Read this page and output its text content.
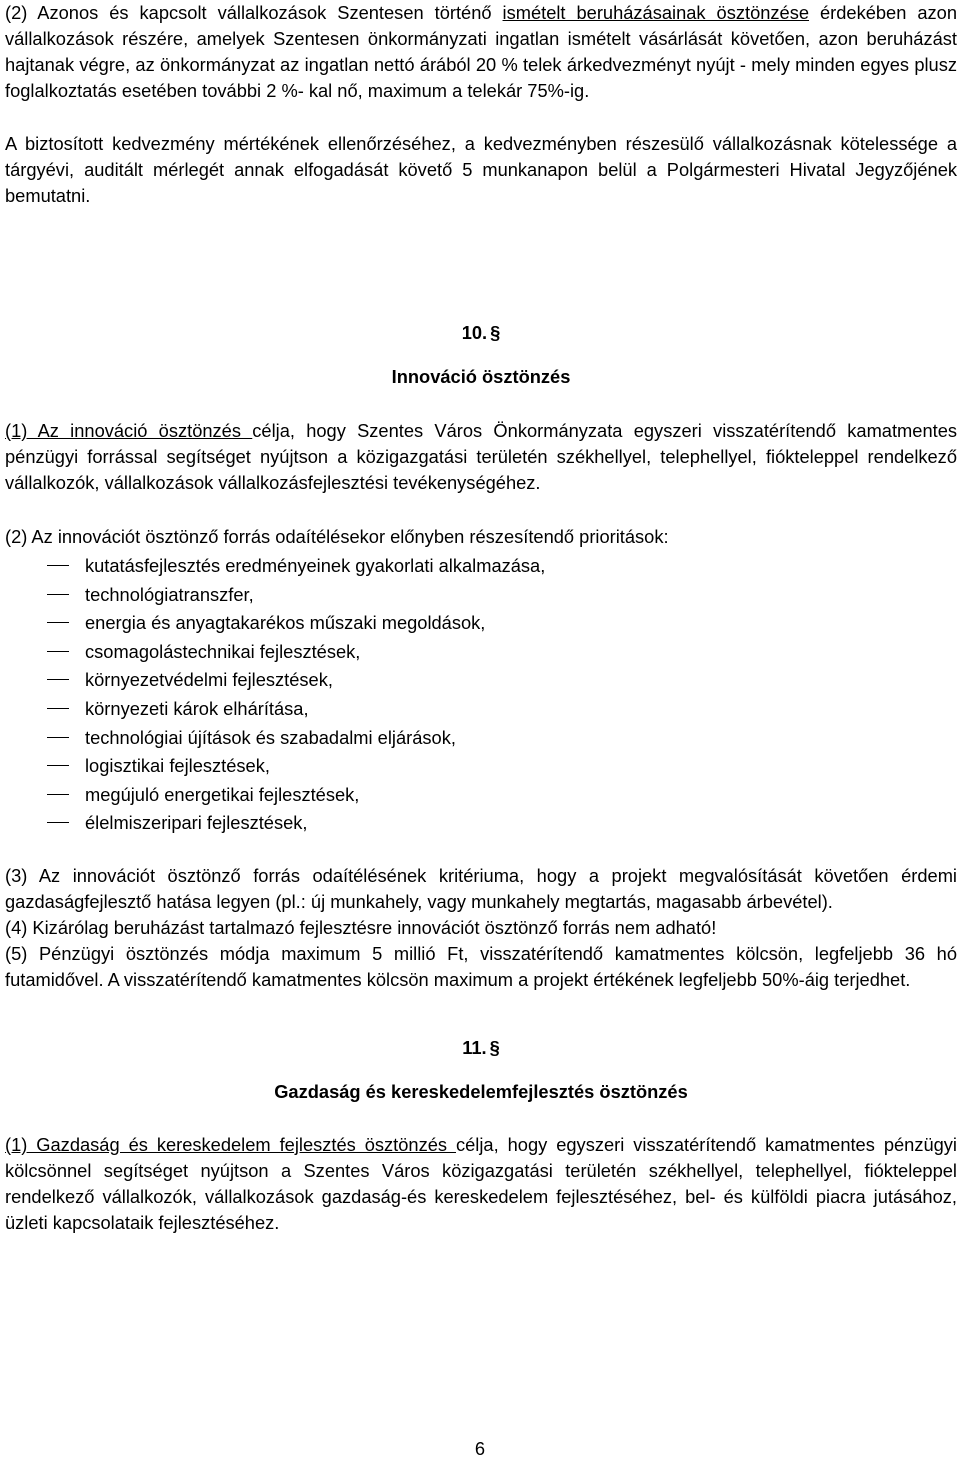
(2) Azonos és kapcsolt vállalkozások Szentesen történő ismételt beruházásainak ösztönzése érdekében azon vállalkozások részére, amelyek Szentesen önkormányzati ingatlan ismételt vásárlását követően, azon beruházást hajtanak végre, az önkormányzat az ingatlan nettó árából 20 % telek árkedvezményt nyújt - mely minden egyes plusz foglalkoztatás esetében további 2 %- kal nő, maximum a telekár 75%-ig.

A biztosított kedvezmény mértékének ellenőrzéséhez, a kedvezményben részesülő vállalkozásnak kötelessége a tárgyévi, auditált mérlegét annak elfogadását követő 5 munkanapon belül a Polgármesteri Hivatal Jegyzőjének bemutatni.

10. §

Innováció ösztönzés

(1) Az innováció ösztönzés célja, hogy Szentes Város Önkormányzata egyszeri visszatérítendő kamatmentes pénzügyi forrással segítséget nyújtson a közigazgatási területén székhellyel, telephellyel, fiókteleppel rendelkező vállalkozók, vállalkozások vállalkozásfejlesztési tevékenységéhez.

(2) Az innovációt ösztönző forrás odaítélésekor előnyben részesítendő prioritások:

kutatásfejlesztés eredményeinek gyakorlati alkalmazása,
technológiatranszfer,
energia és anyagtakarékos műszaki megoldások,
csomagolástechnikai fejlesztések,
környezetvédelmi fejlesztések,
környezeti károk elhárítása,
technológiai újítások és szabadalmi eljárások,
logisztikai fejlesztések,
megújuló energetikai fejlesztések,
élelmiszeripari fejlesztések,

(3) Az innovációt ösztönző forrás odaítélésének kritériuma, hogy a projekt megvalósítását követően érdemi gazdaságfejlesztő hatása legyen (pl.: új munkahely, vagy munkahely megtartás, magasabb árbevétel).

(4) Kizárólag beruházást tartalmazó fejlesztésre innovációt ösztönző forrás nem adható!

(5) Pénzügyi ösztönzés módja maximum 5 millió Ft, visszatérítendő kamatmentes kölcsön, legfeljebb 36 hó futamidővel. A visszatérítendő kamatmentes kölcsön maximum a projekt értékének legfeljebb 50%-áig terjedhet.

11. §

Gazdaság és kereskedelemfejlesztés ösztönzés

(1) Gazdaság és kereskedelem fejlesztés ösztönzés célja, hogy egyszeri visszatérítendő kamatmentes pénzügyi kölcsönnel segítséget nyújtson a Szentes Város közigazgatási területén székhellyel, telephellyel, fiókteleppel rendelkező vállalkozók, vállalkozások gazdaság-és kereskedelem fejlesztéséhez, bel- és külföldi piacra jutásához, üzleti kapcsolataik fejlesztéséhez.

6
